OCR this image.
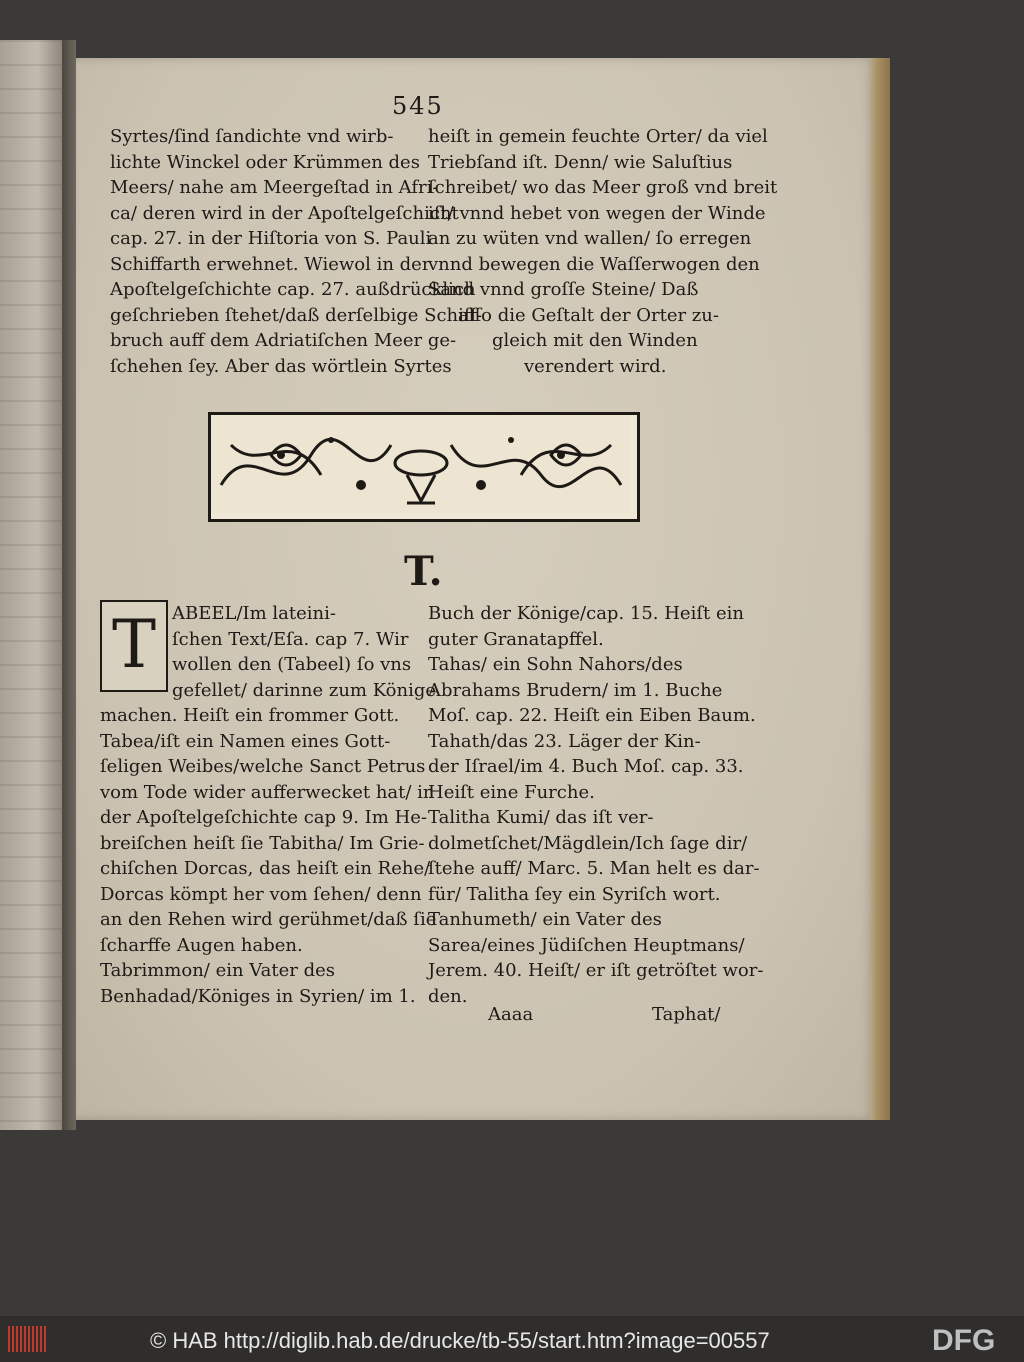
545
Syrtes/ſind ſandichte vnd wirb-
lichte Winckel oder Krümmen des
Meers/ nahe am Meergeſtad in Afri-
ca/ deren wird in der Apoſtelgeſchicht
cap. 27. in der Hiſtoria von S. Pauli
Schiffarth erwehnet. Wiewol in der
Apoſtelgeſchichte cap. 27. außdrücklich
geſchrieben ſtehet/daß derſelbige Schiff-
bruch auff dem Adriatiſchen Meer ge-
ſchehen ſey. Aber das wörtlein Syrtes
heiſt in gemein feuchte Orter/ da viel
Triebſand iſt. Denn/ wie Saluſtius
ſchreibet/ wo das Meer groß vnd breit
iſt/ vnnd hebet von wegen der Winde
an zu wüten vnd wallen/ ſo erregen
vnnd bewegen die Waſſerwogen den
Sand vnnd groſſe Steine/ Daß
alſo die Geſtalt der Orter zu-
gleich mit den Winden
verendert wird.
T.
T ABEEL/Im lateini-
ſchen Text/Eſa. cap 7. Wir
wollen den (Tabeel) ſo vns
gefellet/ darinne zum Könige
machen. Heiſt ein frommer Gott.
Tabea/iſt ein Namen eines Gott-
ſeligen Weibes/welche Sanct Petrus
vom Tode wider aufferwecket hat/ in
der Apoſtelgeſchichte cap 9. Im He-
breiſchen heiſt ſie Tabitha/ Im Grie-
chiſchen Dorcas, das heiſt ein Rehe/
Dorcas kömpt her vom ſehen/ denn
an den Rehen wird gerühmet/daß ſie
ſcharffe Augen haben.
Tabrimmon/ ein Vater des
Benhadad/Königes in Syrien/ im 1.
Buch der Könige/cap. 15. Heiſt ein
guter Granatapffel.
Tahas/ ein Sohn Nahors/des
Abrahams Brudern/ im 1. Buche
Moſ. cap. 22. Heiſt ein Eiben Baum.
Tahath/das 23. Läger der Kin-
der Iſrael/im 4. Buch Moſ. cap. 33.
Heiſt eine Furche.
Talitha Kumi/ das iſt ver-
dolmetſchet/Mägdlein/Ich ſage dir/
ſtehe auff/ Marc. 5. Man helt es dar-
für/ Talitha ſey ein Syriſch wort.
Tanhumeth/ ein Vater des
Sarea/eines Jüdiſchen Heuptmans/
Jerem. 40. Heiſt/ er iſt getröſtet wor-
den.
Aaaa	Taphat/
© HAB http://diglib.hab.de/drucke/tb-55/start.htm?image=00557	DFG
